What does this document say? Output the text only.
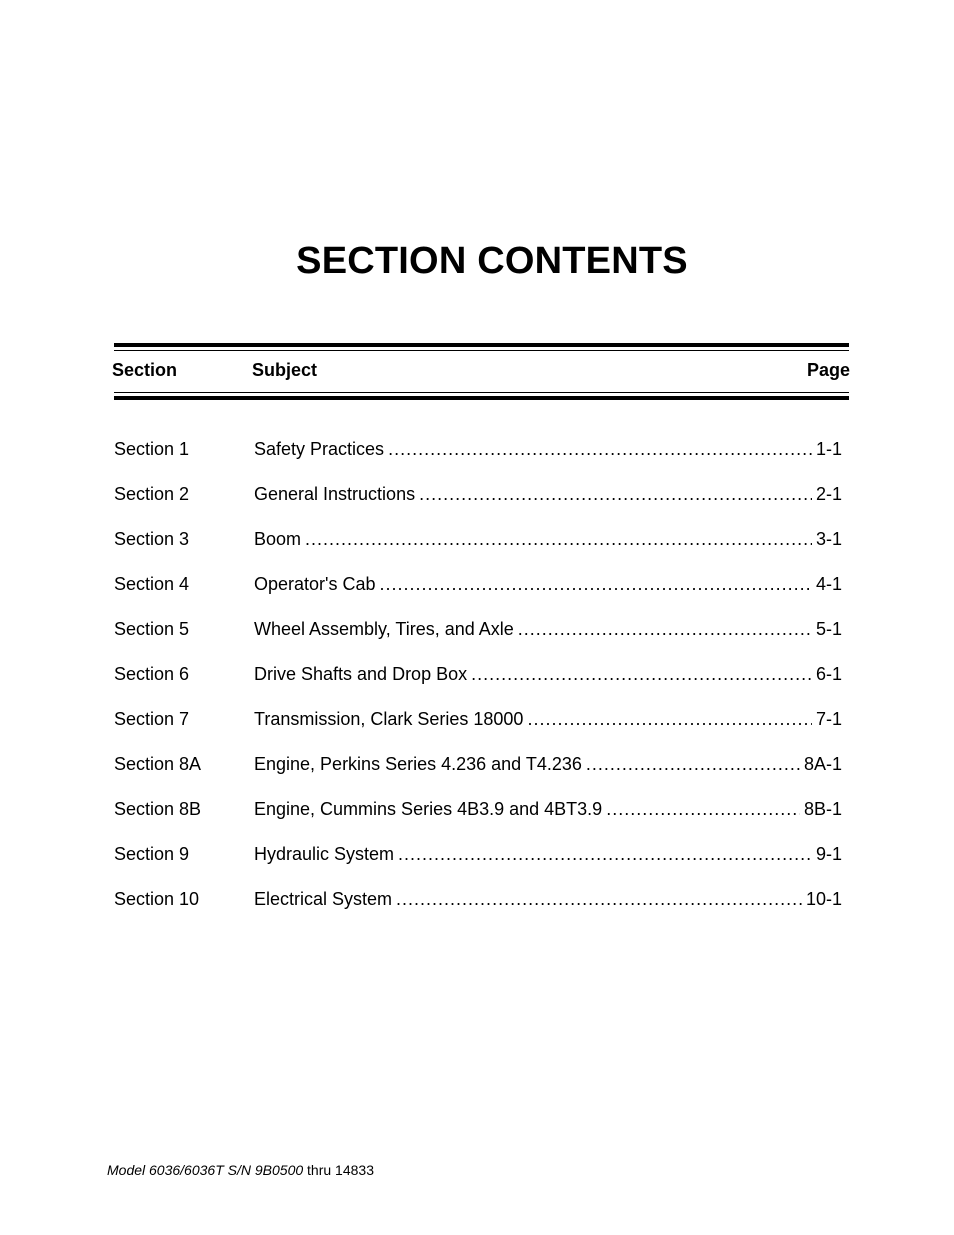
SECTION CONTENTS
Section	Subject	Page
Section 1	Safety Practices .....	1-1
Section 2	General Instructions .....	2-1
Section 3	Boom .....	3-1
Section 4	Operator's Cab .....	4-1
Section 5	Wheel Assembly, Tires, and Axle .....	5-1
Section 6	Drive Shafts and Drop Box .....	6-1
Section 7	Transmission, Clark Series 18000 .....	7-1
Section 8A	Engine, Perkins Series 4.236 and T4.236 .....	8A-1
Section 8B	Engine, Cummins Series 4B3.9 and 4BT3.9 .....	8B-1
Section 9	Hydraulic System .....	9-1
Section 10	Electrical System .....	10-1
Model 6036/6036T S/N 9B0500 thru 14833
